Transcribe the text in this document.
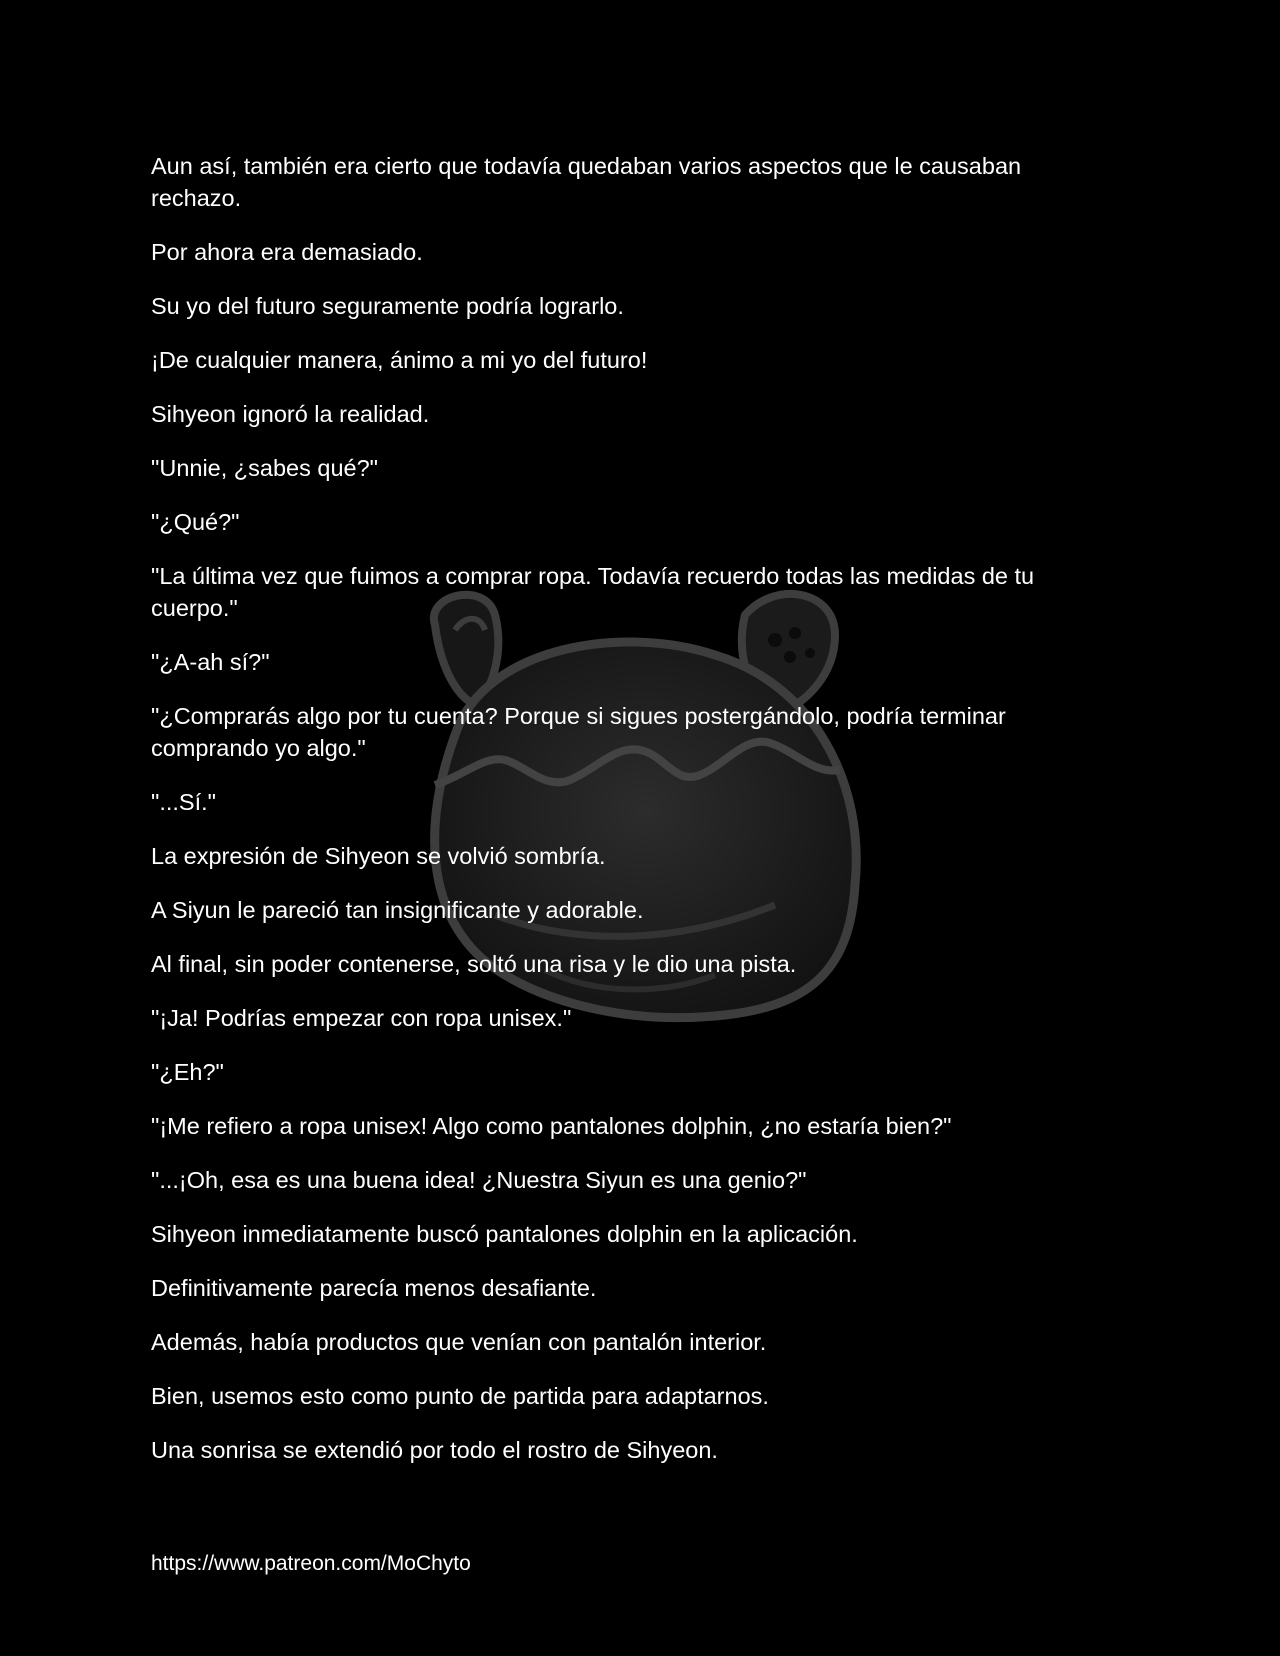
Aun así, también era cierto que todavía quedaban varios aspectos que le causaban rechazo.

Por ahora era demasiado.

Su yo del futuro seguramente podría lograrlo.

¡De cualquier manera, ánimo a mi yo del futuro!

Sihyeon ignoró la realidad.

"Unnie, ¿sabes qué?"

"¿Qué?"

"La última vez que fuimos a comprar ropa. Todavía recuerdo todas las medidas de tu cuerpo."

"¿A-ah sí?"

"¿Comprarás algo por tu cuenta? Porque si sigues postergándolo, podría terminar comprando yo algo."

"...Sí."

La expresión de Sihyeon se volvió sombría.

A Siyun le pareció tan insignificante y adorable.

Al final, sin poder contenerse, soltó una risa y le dio una pista.

"¡Ja! Podrías empezar con ropa unisex."

"¿Eh?"

"¡Me refiero a ropa unisex! Algo como pantalones dolphin, ¿no estaría bien?"

"...¡Oh, esa es una buena idea! ¿Nuestra Siyun es una genio?"

Sihyeon inmediatamente buscó pantalones dolphin en la aplicación.

Definitivamente parecía menos desafiante.

Además, había productos que venían con pantalón interior.

Bien, usemos esto como punto de partida para adaptarnos.

Una sonrisa se extendió por todo el rostro de Sihyeon.

https://www.patreon.com/MoChyto
